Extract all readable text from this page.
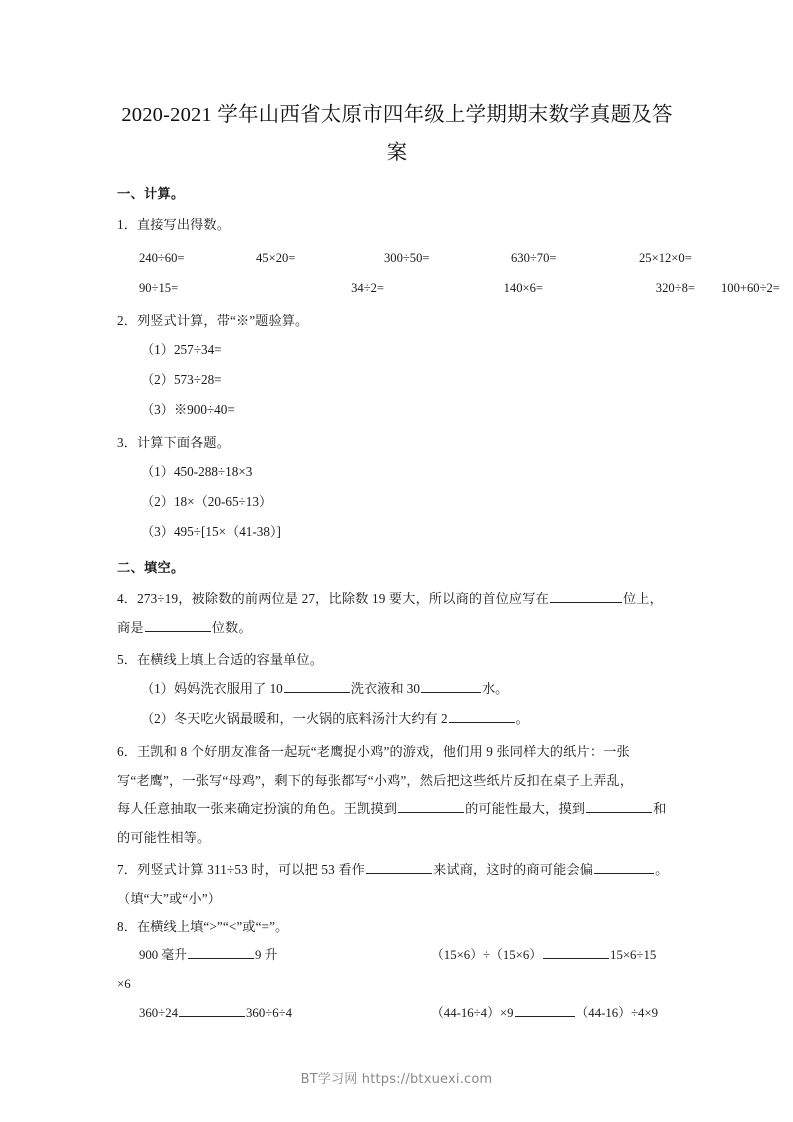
2020-2021 学年山西省太原市四年级上学期期末数学真题及答案

一、计算。

1．直接写出得数。

240÷60=	45×20=	300÷50=	630÷70=	25×12×0=
90÷15=	34÷2=	140×6=	320÷8=	100+60÷2=

2．列竖式计算，带“※”题验算。

（1）257÷34=

（2）573÷28=

（3）※900÷40=

3．计算下面各题。

（1）450-288÷18×3

（2）18×（20-65÷13）

（3）495÷[15×（41-38）]

二、填空。

4．273÷19，被除数的前两位是 27，比除数 19 要大，所以商的首位应写在	位上，
商是	位数。

5．在横线上填上合适的容量单位。

（1）妈妈洗衣服用了 10	洗衣液和 30	水。

（2）冬天吃火锅最暖和，一火锅的底料汤汁大约有 2	。

6．王凯和 8 个好朋友准备一起玩“老鹰捉小鸡”的游戏，他们用 9 张同样大的纸片：一张
写“老鹰”，一张写“母鸡”，剩下的每张都写“小鸡”，然后把这些纸片反扣在桌子上弄乱，
每人任意抽取一张来确定扮演的角色。王凯摸到	的可能性最大，摸到	和
的可能性相等。

7．列竖式计算 311÷53 时，可以把 53 看作	来试商，这时的商可能会偏	。
（填“大”或“小”）

8．在横线上填“>”“<”或“=”。

900 毫升	9 升	（15×6）÷（15×6）	15×6÷15
×6
360÷24	360÷6÷4	（44-16÷4）×9	（44-16）÷4×9
BT学习网 https://btxuexi.com
